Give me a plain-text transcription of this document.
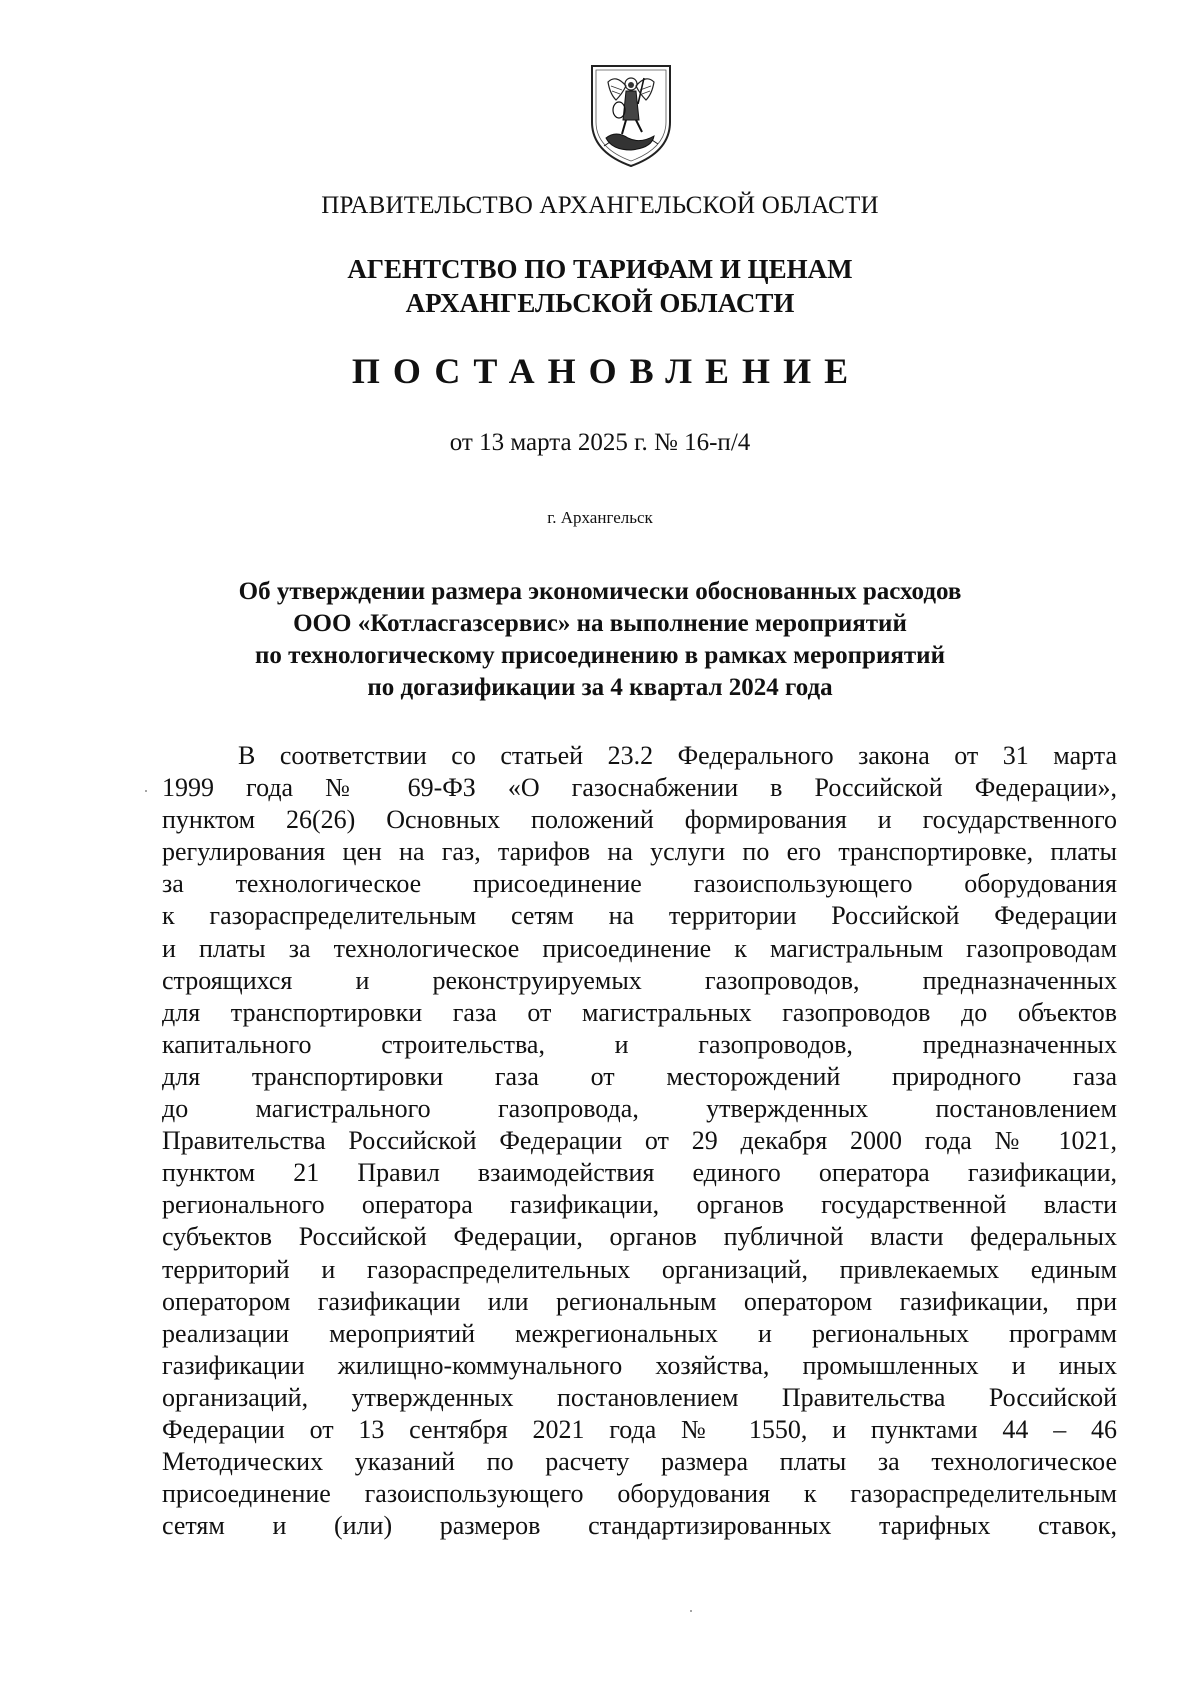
ПРАВИТЕЛЬСТВО АРХАНГЕЛЬСКОЙ ОБЛАСТИ
АГЕНТСТВО ПО ТАРИФАМ И ЦЕНАМ
АРХАНГЕЛЬСКОЙ ОБЛАСТИ
ПОСТАНОВЛЕНИЕ
от 13 марта 2025 г. № 16-п/4
г. Архангельск
Об утверждении размера экономически обоснованных расходов
ООО «Котласгазсервис» на выполнение мероприятий
по технологическому присоединению в рамках мероприятий
по догазификации за 4 квартал 2024 года
В соответствии со статьей 23.2 Федерального закона от 31 марта
1999 года № 69-ФЗ «О газоснабжении в Российской Федерации»,
пунктом 26(26) Основных положений формирования и государственного
регулирования цен на газ, тарифов на услуги по его транспортировке, платы
за технологическое присоединение газоиспользующего оборудования
к газораспределительным сетям на территории Российской Федерации
и платы за технологическое присоединение к магистральным газопроводам
строящихся и реконструируемых газопроводов, предназначенных
для транспортировки газа от магистральных газопроводов до объектов
капитального строительства, и газопроводов, предназначенных
для транспортировки газа от месторождений природного газа
до магистрального газопровода, утвержденных постановлением
Правительства Российской Федерации от 29 декабря 2000 года № 1021,
пунктом 21 Правил взаимодействия единого оператора газификации,
регионального оператора газификации, органов государственной власти
субъектов Российской Федерации, органов публичной власти федеральных
территорий и газораспределительных организаций, привлекаемых единым
оператором газификации или региональным оператором газификации, при
реализации мероприятий межрегиональных и региональных программ
газификации жилищно-коммунального хозяйства, промышленных и иных
организаций, утвержденных постановлением Правительства Российской
Федерации от 13 сентября 2021 года № 1550, и пунктами 44 – 46
Методических указаний по расчету размера платы за технологическое
присоединение газоиспользующего оборудования к газораспределительным
сетям и (или) размеров стандартизированных тарифных ставок,
